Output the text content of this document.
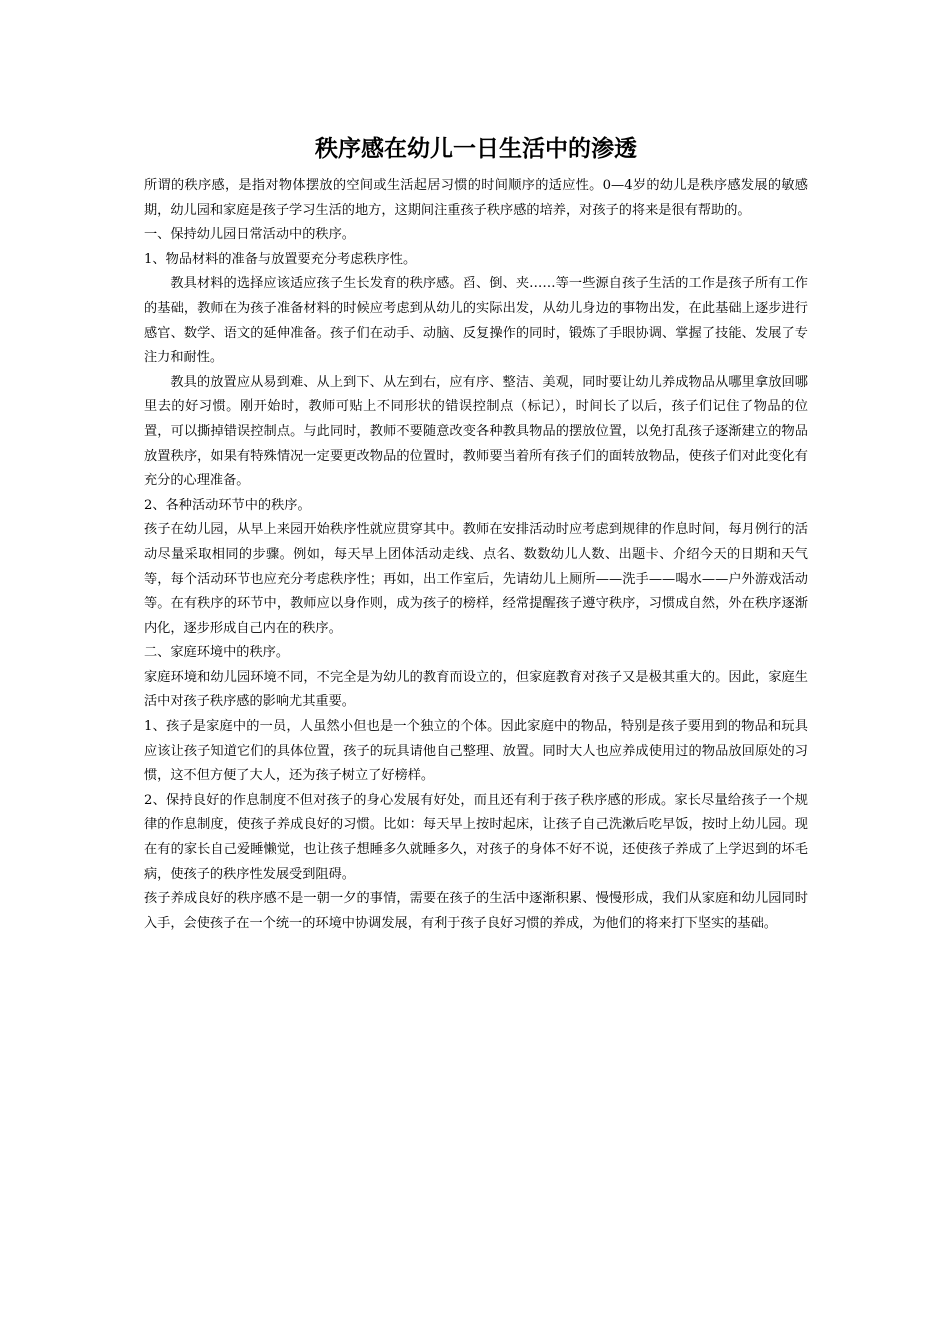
秩序感在幼儿一日生活中的渗透

所谓的秩序感，是指对物体摆放的空间或生活起居习惯的时间顺序的适应性。0—4岁的幼儿是秩序感发展的敏感期，幼儿园和家庭是孩子学习生活的地方，这期间注重孩子秩序感的培养，对孩子的将来是很有帮助的。

一、保持幼儿园日常活动中的秩序。

1、物品材料的准备与放置要充分考虑秩序性。

教具材料的选择应该适应孩子生长发育的秩序感。舀、倒、夹……等一些源自孩子生活的工作是孩子所有工作的基础，教师在为孩子准备材料的时候应考虑到从幼儿的实际出发，从幼儿身边的事物出发，在此基础上逐步进行感官、数学、语文的延伸准备。孩子们在动手、动脑、反复操作的同时，锻炼了手眼协调、掌握了技能、发展了专注力和耐性。

教具的放置应从易到难、从上到下、从左到右，应有序、整洁、美观，同时要让幼儿养成物品从哪里拿放回哪里去的好习惯。刚开始时，教师可贴上不同形状的错误控制点（标记），时间长了以后，孩子们记住了物品的位置，可以撕掉错误控制点。与此同时，教师不要随意改变各种教具物品的摆放位置，以免打乱孩子逐渐建立的物品放置秩序，如果有特殊情况一定要更改物品的位置时，教师要当着所有孩子们的面转放物品，使孩子们对此变化有充分的心理准备。

2、各种活动环节中的秩序。

孩子在幼儿园，从早上来园开始秩序性就应贯穿其中。教师在安排活动时应考虑到规律的作息时间，每月例行的活动尽量采取相同的步骤。例如，每天早上团体活动走线、点名、数数幼儿人数、出题卡、介绍今天的日期和天气等，每个活动环节也应充分考虑秩序性；再如，出工作室后，先请幼儿上厕所——洗手——喝水——户外游戏活动等。在有秩序的环节中，教师应以身作则，成为孩子的榜样，经常提醒孩子遵守秩序，习惯成自然，外在秩序逐渐内化，逐步形成自己内在的秩序。

二、家庭环境中的秩序。

家庭环境和幼儿园环境不同，不完全是为幼儿的教育而设立的，但家庭教育对孩子又是极其重大的。因此，家庭生活中对孩子秩序感的影响尤其重要。

1、孩子是家庭中的一员，人虽然小但也是一个独立的个体。因此家庭中的物品，特别是孩子要用到的物品和玩具应该让孩子知道它们的具体位置，孩子的玩具请他自己整理、放置。同时大人也应养成使用过的物品放回原处的习惯，这不但方便了大人，还为孩子树立了好榜样。

2、保持良好的作息制度不但对孩子的身心发展有好处，而且还有利于孩子秩序感的形成。家长尽量给孩子一个规律的作息制度，使孩子养成良好的习惯。比如：每天早上按时起床，让孩子自己洗漱后吃早饭，按时上幼儿园。现在有的家长自己爱睡懒觉，也让孩子想睡多久就睡多久，对孩子的身体不好不说，还使孩子养成了上学迟到的坏毛病，使孩子的秩序性发展受到阻碍。

孩子养成良好的秩序感不是一朝一夕的事情，需要在孩子的生活中逐渐积累、慢慢形成，我们从家庭和幼儿园同时入手，会使孩子在一个统一的环境中协调发展，有利于孩子良好习惯的养成，为他们的将来打下坚实的基础。
